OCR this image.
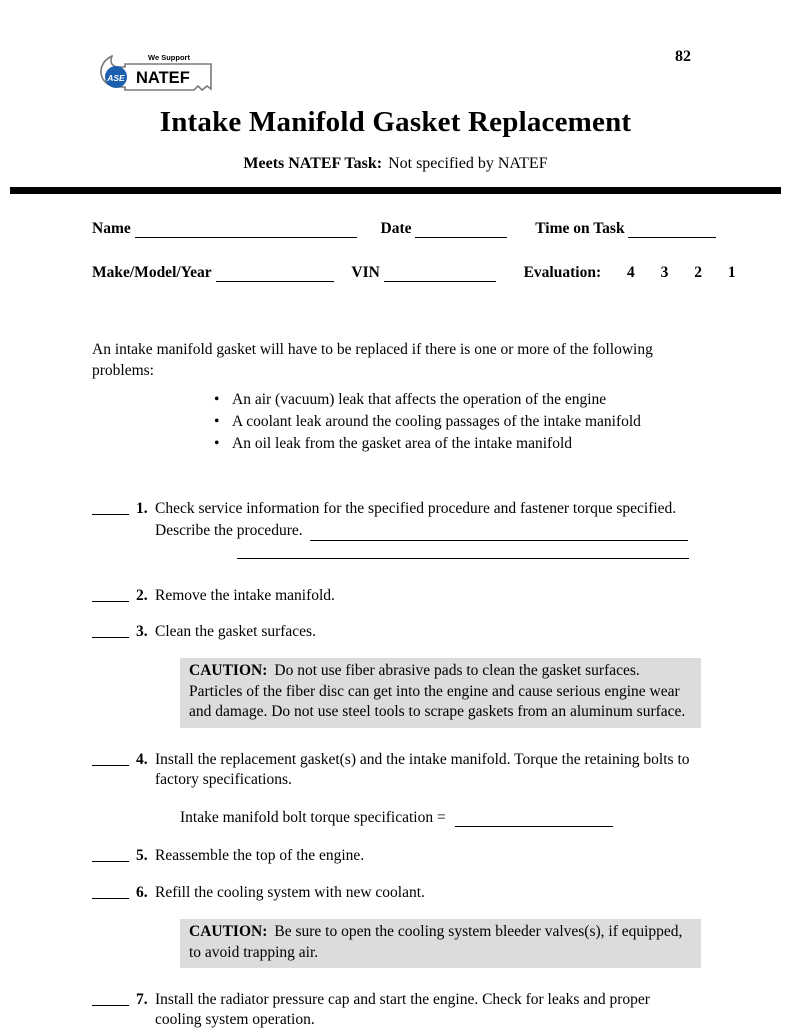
ASE
We Support
NATEF
82
Intake Manifold Gasket Replacement
Meets NATEF Task: Not specified by NATEF
Name	Date	Time on Task
Make/Model/Year	VIN	Evaluation: 4 3 2 1
An intake manifold gasket will have to be replaced if there is one or more of the following problems:
• An air (vacuum) leak that affects the operation of the engine
• A coolant leak around the cooling passages of the intake manifold
• An oil leak from the gasket area of the intake manifold
1. Check service information for the specified procedure and fastener torque specified.
Describe the procedure.
2. Remove the intake manifold.
3. Clean the gasket surfaces.
CAUTION: Do not use fiber abrasive pads to clean the gasket surfaces. Particles of the fiber disc can get into the engine and cause serious engine wear and damage. Do not use steel tools to scrape gaskets from an aluminum surface.
4. Install the replacement gasket(s) and the intake manifold. Torque the retaining bolts to factory specifications.
Intake manifold bolt torque specification =
5. Reassemble the top of the engine.
6. Refill the cooling system with new coolant.
CAUTION: Be sure to open the cooling system bleeder valves(s), if equipped, to avoid trapping air.
7. Install the radiator pressure cap and start the engine. Check for leaks and proper cooling system operation.
